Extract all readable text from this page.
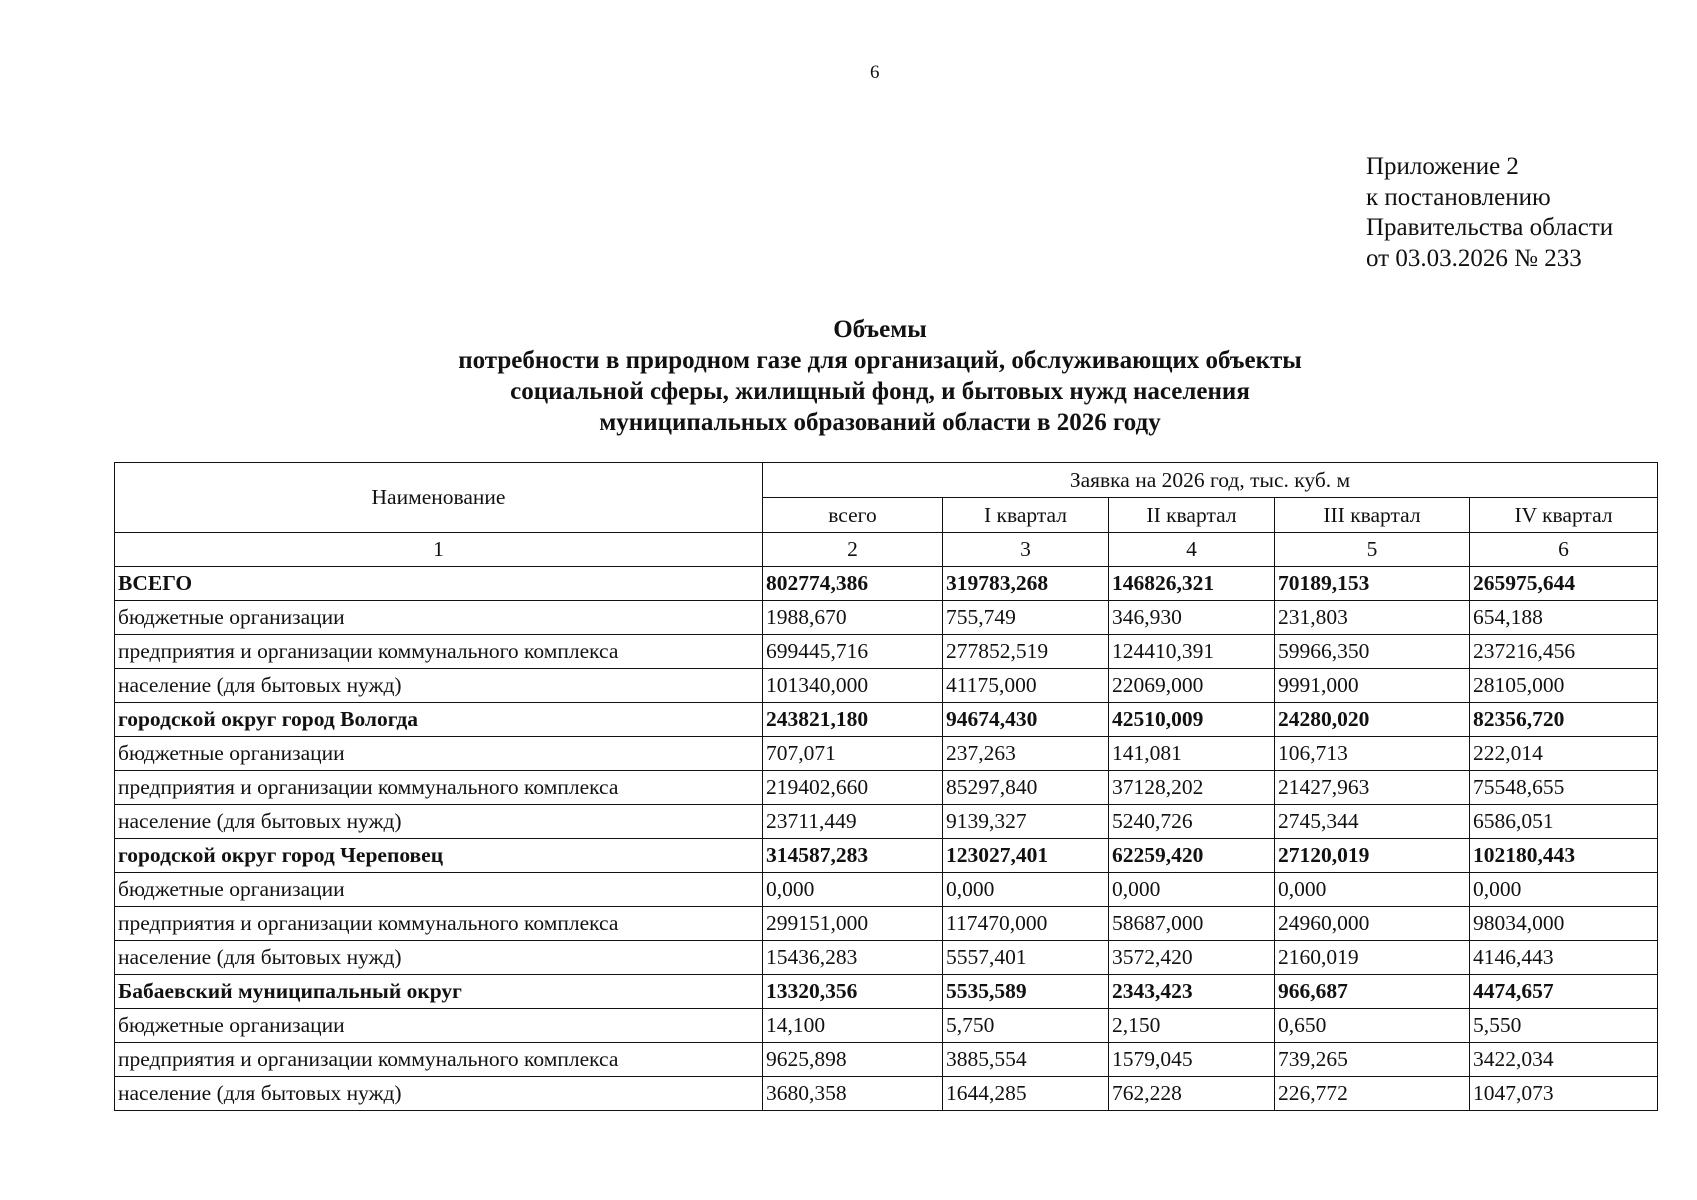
6
Приложение 2
к постановлению
Правительства области
от 03.03.2026 № 233
Объемы
потребности в природном газе для организаций, обслуживающих объекты
социальной сферы, жилищный фонд, и бытовых нужд населения
муниципальных образований области в 2026 году
Наименование	Заявка на 2026 год, тыс. куб. м				
	всего	I квартал	II квартал	III квартал	IV квартал
1	2	3	4	5	6
ВСЕГО	802774,386	319783,268	146826,321	70189,153	265975,644
бюджетные организации	1988,670	755,749	346,930	231,803	654,188
предприятия и организации коммунального комплекса	699445,716	277852,519	124410,391	59966,350	237216,456
население (для бытовых нужд)	101340,000	41175,000	22069,000	9991,000	28105,000
городской округ город Вологда	243821,180	94674,430	42510,009	24280,020	82356,720
бюджетные организации	707,071	237,263	141,081	106,713	222,014
предприятия и организации коммунального комплекса	219402,660	85297,840	37128,202	21427,963	75548,655
население (для бытовых нужд)	23711,449	9139,327	5240,726	2745,344	6586,051
городской округ город Череповец	314587,283	123027,401	62259,420	27120,019	102180,443
бюджетные организации	0,000	0,000	0,000	0,000	0,000
предприятия и организации коммунального комплекса	299151,000	117470,000	58687,000	24960,000	98034,000
население (для бытовых нужд)	15436,283	5557,401	3572,420	2160,019	4146,443
Бабаевский муниципальный округ	13320,356	5535,589	2343,423	966,687	4474,657
бюджетные организации	14,100	5,750	2,150	0,650	5,550
предприятия и организации коммунального комплекса	9625,898	3885,554	1579,045	739,265	3422,034
население (для бытовых нужд)	3680,358	1644,285	762,228	226,772	1047,073
